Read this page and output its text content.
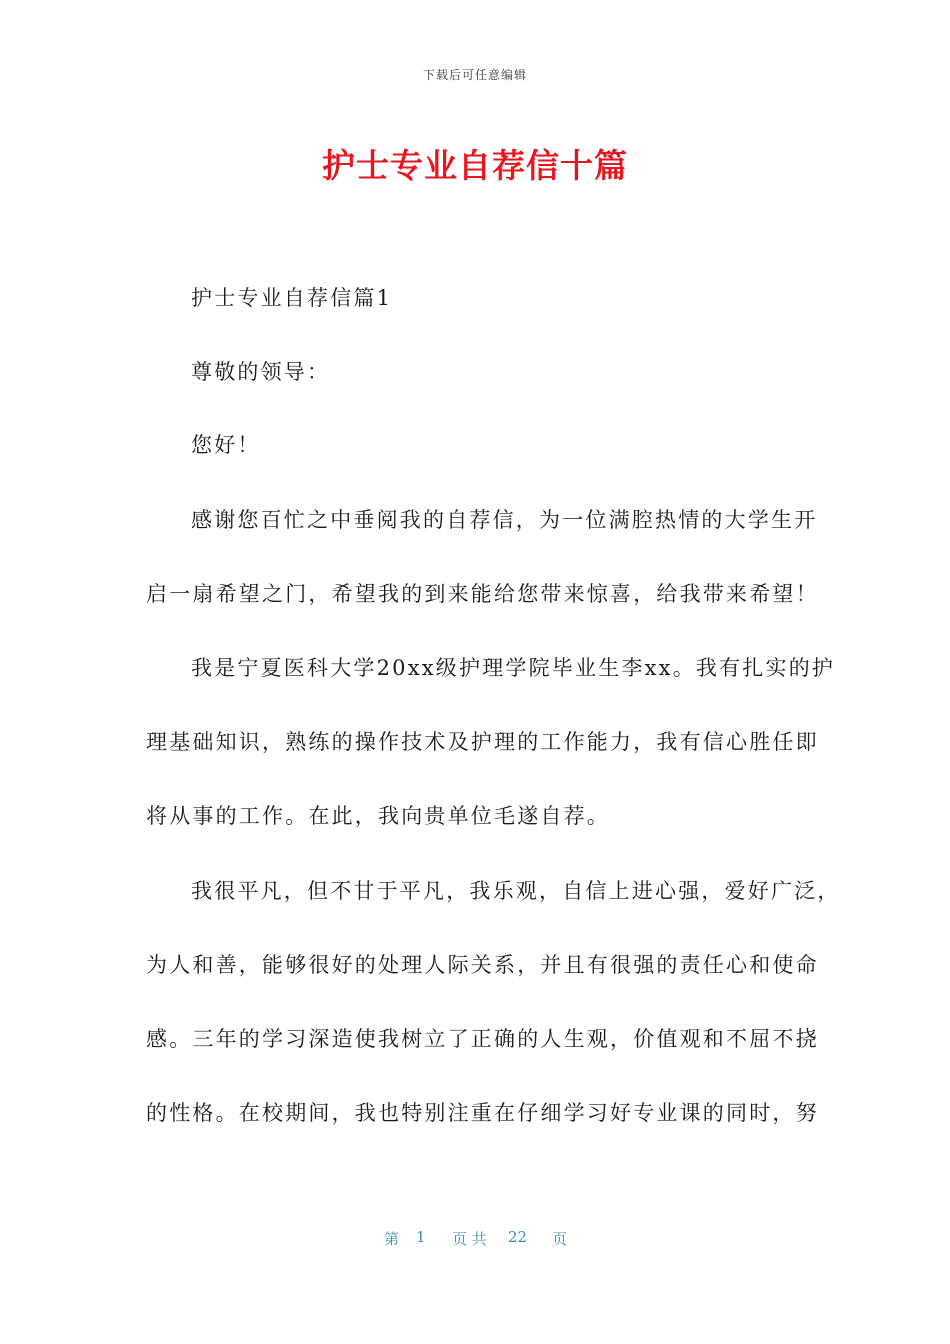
下载后可任意编辑
护士专业自荐信十篇
护士专业自荐信篇1
尊敬的领导：
您好！
感谢您百忙之中垂阅我的自荐信，为一位满腔热情的大学生开
启一扇希望之门，希望我的到来能给您带来惊喜，给我带来希望！
我是宁夏医科大学20xx级护理学院毕业生李xx。我有扎实的护
理基础知识，熟练的操作技术及护理的工作能力，我有信心胜任即
将从事的工作。在此，我向贵单位毛遂自荐。
我很平凡，但不甘于平凡，我乐观，自信上进心强，爱好广泛，
为人和善，能够很好的处理人际关系，并且有很强的责任心和使命
感。三年的学习深造使我树立了正确的人生观，价值观和不屈不挠
的性格。在校期间，我也特别注重在仔细学习好专业课的同时，努
第 1 页 共 22 页
